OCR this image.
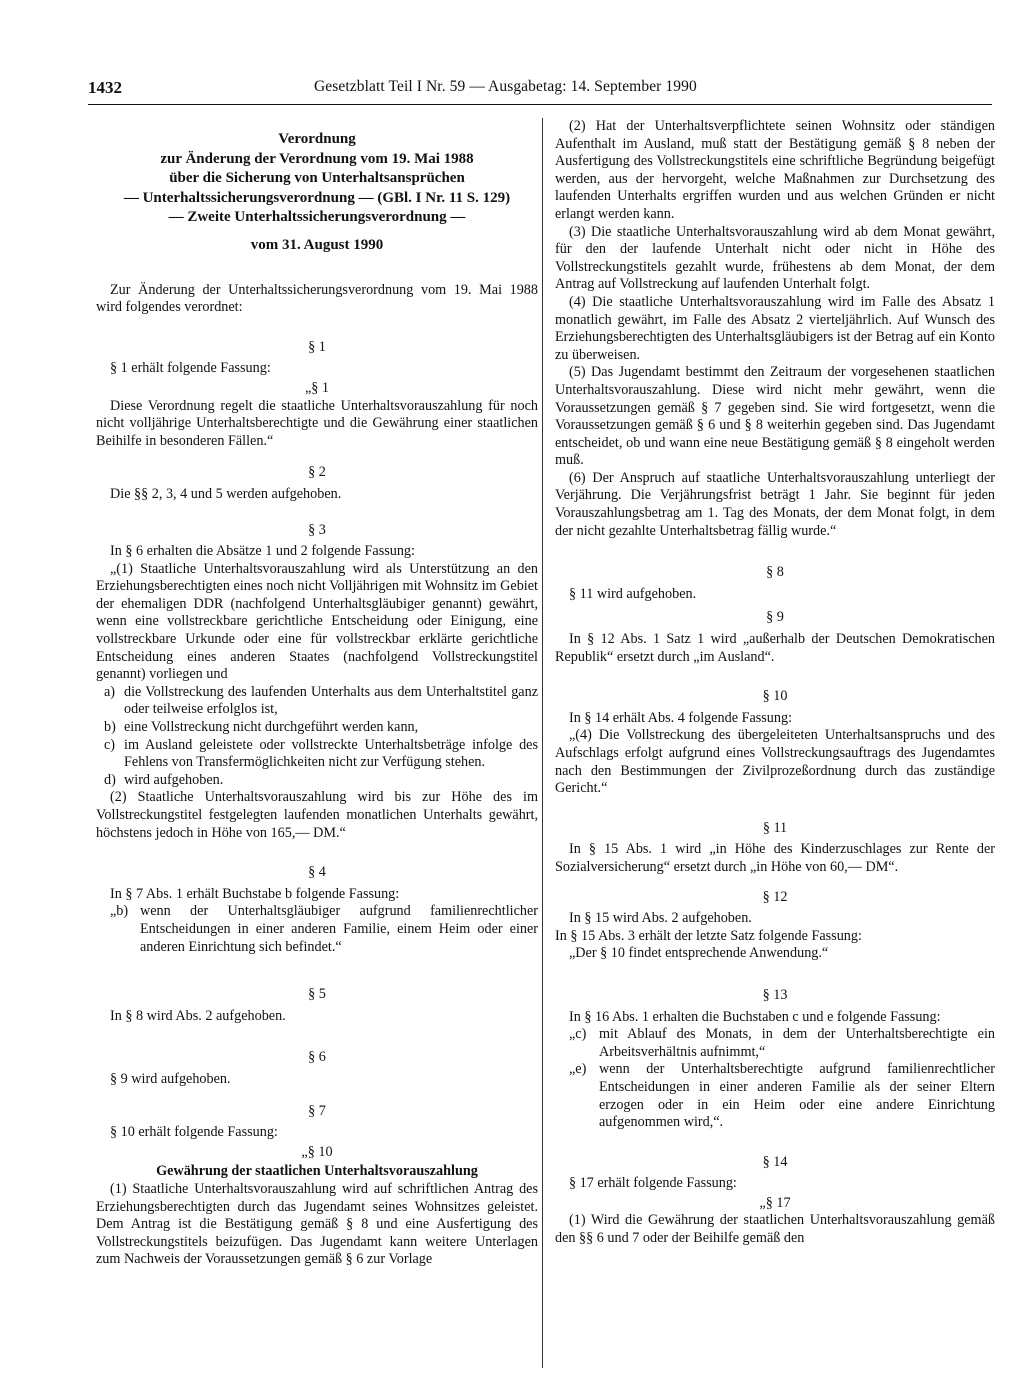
1432	Gesetzblatt Teil I Nr. 59 — Ausgabetag: 14. September 1990
Verordnung
zur Änderung der Verordnung vom 19. Mai 1988
über die Sicherung von Unterhaltsansprüchen
— Unterhaltssicherungsverordnung — (GBl. I Nr. 11 S. 129)
— Zweite Unterhaltssicherungsverordnung —
vom 31. August 1990

Zur Änderung der Unterhaltssicherungsverordnung vom 19. Mai 1988 wird folgendes verordnet:

§ 1

§ 1 erhält folgende Fassung:

„§ 1

Diese Verordnung regelt die staatliche Unterhaltsvorauszahlung für noch nicht volljährige Unterhaltsberechtigte und die Gewährung einer staatlichen Beihilfe in besonderen Fällen.“

§ 2

Die §§ 2, 3, 4 und 5 werden aufgehoben.

§ 3

In § 6 erhalten die Absätze 1 und 2 folgende Fassung:

„(1) Staatliche Unterhaltsvorauszahlung wird als Unterstützung an den Erziehungsberechtigten eines noch nicht Volljährigen mit Wohnsitz im Gebiet der ehemaligen DDR (nachfolgend Unterhaltsgläubiger genannt) gewährt, wenn eine vollstreckbare gerichtliche Entscheidung oder Einigung, eine vollstreckbare Urkunde oder eine für vollstreckbar erklärte gerichtliche Entscheidung eines anderen Staates (nachfolgend Vollstreckungstitel genannt) vorliegen und

a) die Vollstreckung des laufenden Unterhalts aus dem Unterhaltstitel ganz oder teilweise erfolglos ist,
b) eine Vollstreckung nicht durchgeführt werden kann,
c) im Ausland geleistete oder vollstreckte Unterhaltsbeträge infolge des Fehlens von Transfermöglichkeiten nicht zur Verfügung stehen.
d) wird aufgehoben.

(2) Staatliche Unterhaltsvorauszahlung wird bis zur Höhe des im Vollstreckungstitel festgelegten laufenden monatlichen Unterhalts gewährt, höchstens jedoch in Höhe von 165,— DM.“

§ 4

In § 7 Abs. 1 erhält Buchstabe b folgende Fassung:

„b) wenn der Unterhaltsgläubiger aufgrund familienrechtlicher Entscheidungen in einer anderen Familie, einem Heim oder einer anderen Einrichtung sich befindet.“
§ 5

In § 8 wird Abs. 2 aufgehoben.

§ 6

§ 9 wird aufgehoben.

§ 7

§ 10 erhält folgende Fassung:

„§ 10
Gewährung der staatlichen Unterhaltsvorauszahlung

(1) Staatliche Unterhaltsvorauszahlung wird auf schriftlichen Antrag des Erziehungsberechtigten durch das Jugendamt seines Wohnsitzes geleistet. Dem Antrag ist die Bestätigung gemäß § 8 und eine Ausfertigung des Vollstreckungstitels beizufügen. Das Jugendamt kann weitere Unterlagen zum Nachweis der Voraussetzungen gemäß § 6 zur Vorlage

(2) Hat der Unterhaltsverpflichtete seinen Wohnsitz oder ständigen Aufenthalt im Ausland, muß statt der Bestätigung gemäß § 8 neben der Ausfertigung des Vollstreckungstitels eine schriftliche Begründung beigefügt werden, aus der hervorgeht, welche Maßnahmen zur Durchsetzung des laufenden Unterhalts ergriffen wurden und aus welchen Gründen er nicht erlangt werden kann.

(3) Die staatliche Unterhaltsvorauszahlung wird ab dem Monat gewährt, für den der laufende Unterhalt nicht oder nicht in Höhe des Vollstreckungstitels gezahlt wurde, frühestens ab dem Monat, der dem Antrag auf Vollstreckung auf laufenden Unterhalt folgt.

(4) Die staatliche Unterhaltsvorauszahlung wird im Falle des Absatz 1 monatlich gewährt, im Falle des Absatz 2 vierteljährlich. Auf Wunsch des Erziehungsberechtigten des Unterhaltsgläubigers ist der Betrag auf ein Konto zu überweisen.

(5) Das Jugendamt bestimmt den Zeitraum der vorgesehenen staatlichen Unterhaltsvorauszahlung. Diese wird nicht mehr gewährt, wenn die Voraussetzungen gemäß § 7 gegeben sind. Sie wird fortgesetzt, wenn die Voraussetzungen gemäß § 6 und § 8 weiterhin gegeben sind. Das Jugendamt entscheidet, ob und wann eine neue Bestätigung gemäß § 8 eingeholt werden muß.

(6) Der Anspruch auf staatliche Unterhaltsvorauszahlung unterliegt der Verjährung. Die Verjährungsfrist beträgt 1 Jahr. Sie beginnt für jeden Vorauszahlungsbetrag am 1. Tag des Monats, der dem Monat folgt, in dem der nicht gezahlte Unterhaltsbetrag fällig wurde.“

§ 8

§ 11 wird aufgehoben.

§ 9

In § 12 Abs. 1 Satz 1 wird „außerhalb der Deutschen Demokratischen Republik“ ersetzt durch „im Ausland“.

§ 10

In § 14 erhält Abs. 4 folgende Fassung:

„(4) Die Vollstreckung des übergeleiteten Unterhaltsanspruchs und des Aufschlags erfolgt aufgrund eines Vollstreckungsauftrags des Jugendamtes nach den Bestimmungen der Zivilprozeßordnung durch das zuständige Gericht.“

§ 11

In § 15 Abs. 1 wird „in Höhe des Kinderzuschlages zur Rente der Sozialversicherung“ ersetzt durch „in Höhe von 60,— DM“.

§ 12

In § 15 wird Abs. 2 aufgehoben.

In § 15 Abs. 3 erhält der letzte Satz folgende Fassung:

„Der § 10 findet entsprechende Anwendung.“

§ 13

In § 16 Abs. 1 erhalten die Buchstaben c und e folgende Fassung:

„c) mit Ablauf des Monats, in dem der Unterhaltsberechtigte ein Arbeitsverhältnis aufnimmt,“
„e) wenn der Unterhaltsberechtigte aufgrund familienrechtlicher Entscheidungen in einer anderen Familie als der seiner Eltern erzogen oder in ein Heim oder eine andere Einrichtung aufgenommen wird,“.
§ 14

§ 17 erhält folgende Fassung:

„§ 17

(1) Wird die Gewährung der staatlichen Unterhaltsvorauszahlung gemäß den §§ 6 und 7 oder der Beihilfe gemäß den
